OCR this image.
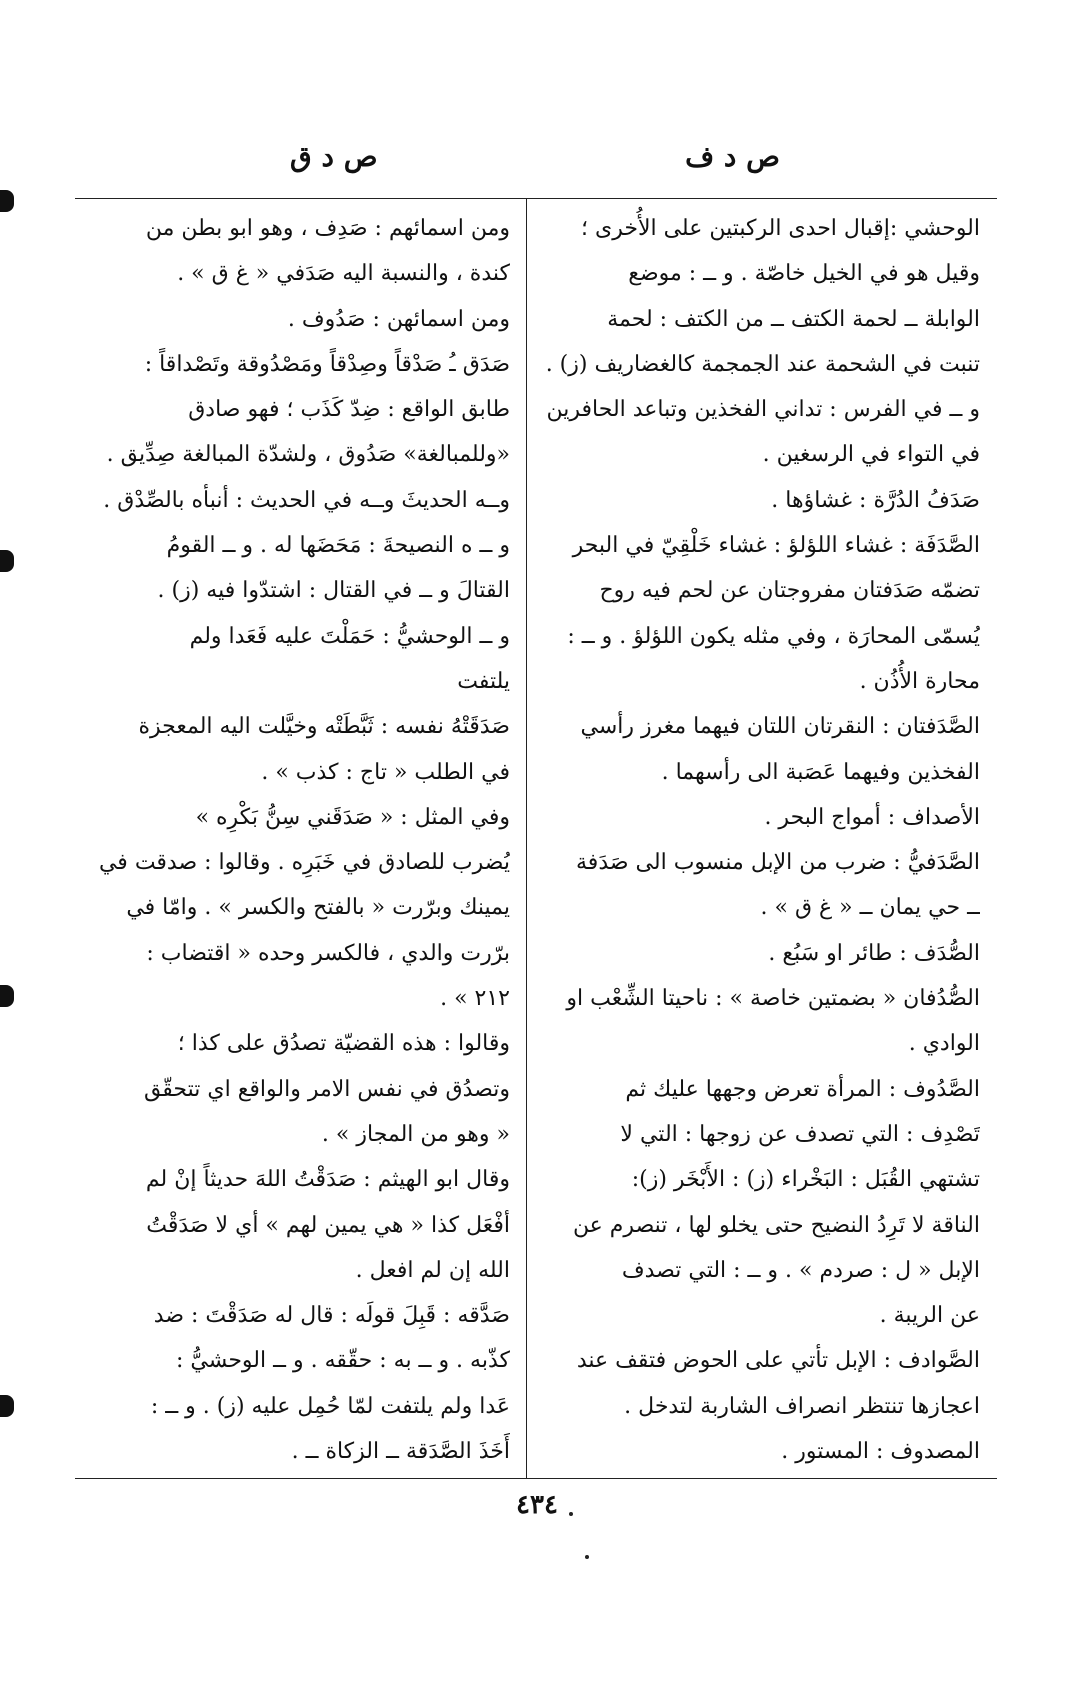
ص د ف
ص د ق
الوحشي :إقبال احدى الركبتين على الأُخرى ؛
وقيل هو في الخيل خاصّة . و ــ : موضع
الوابلة ــ لحمة الكتف ــ من الكتف : لحمة
تنبت في الشحمة عند الجمجمة كالغضاريف (ز) .
و ــ في الفرس : تداني الفخذين وتباعد الحافرين
في التواء في الرسغين .
صَدَفُ الدُرَّة : غشاؤها .
الصَّدَفَة : غشاء اللؤلؤ : غشاء خَلْقِيّ في البحر
تضمّه صَدَفتان مفروجتان عن لحم فيه روح
يُسمّى المحارَة ، وفي مثله يكون اللؤلؤ . و ــ :
محارة الأُذُن .
الصَّدَفتان : النقرتان اللتان فيهما مغرز رأسي
الفخذين وفيهما عَصَبة الى رأسهما .
الأصداف : أمواج البحر .
الصَّدَفيُّ : ضرب من الإبل منسوب الى صَدَفة
ــ حي يمان ــ « غ ق » .
الصُّدَف : طائر او سَبُع .
الصُّدُفان « بضمتين خاصة » : ناحيتا الشِّعْب او
الوادي .
الصَّدُوف : المرأة تعرض وجهها عليك ثم
تَصْدِف : التي تصدف عن زوجها : التي لا
تشتهي القُبَل : البَخْراء (ز) : الأَبْخَر (ز):
الناقة لا تَرِدُ النضيح حتى يخلو لها ، تنصرم عن
الإبل « ل : صردم » . و ــ : التي تصدف
عن الريبة .
الصَّوادف : الإبل تأتي على الحوض فتقف عند
اعجازها تنتظر انصراف الشاربة لتدخل .
المصدوف : المستور .
ومن اسمائهم : صَدِف ، وهو ابو بطن من
كندة ، والنسبة اليه صَدَفي « غ ق » .
ومن اسمائهن : صَدُوف .
صَدَق ـُ صَدْقاً وصِدْقاً ومَصْدُوقة وتَصْداقاً :
طابق الواقع : ضِدّ كَذَب ؛ فهو صادق
«وللمبالغة» صَدُوق ، ولشدّة المبالغة صِدِّيق .
وــه الحديثَ وــه في الحديث : أنبأه بالصِّدْق .
و ــ ه النصيحةَ : مَحَضَها له . و ــ القومُ
القتالَ و ــ في القتال : اشتدّوا فيه (ز) .
و ــ الوحشيُّ : حَمَلْتَ عليه فَعَدا ولم
يلتفت
صَدَقَتْهُ نفسه : ثَبَّطَتْه وخيَّلت اليه المعجزة
في الطلب « تاج : كذب » .
وفي المثل : « صَدَقَني سِنُّ بَكْرِه »
يُضرب للصادق في خَبَرِه . وقالوا : صدقت في
يمينك وبرّرت « بالفتح والكسر » . وامّا في
برّرت والدي ، فالكسر وحده « اقتضاب :
٢١٢ » .
وقالوا : هذه القضيّة تصدُق على كذا ؛
وتصدُق في نفس الامر والواقع اي تتحقّق
« وهو من المجاز » .
وقال ابو الهيثم : صَدَقْتُ اللهَ حديثاً إنْ لم
أفْعَل كذا « هي يمين لهم » أي لا صَدَقْتُ
الله إن لم افعل .
صَدَّقه : قَبِلَ قولَه : قال له صَدَقْتَ : ضد
كذّبه . و ــ به : حقّقه . و ــ الوحشيُّ :
عَدا ولم يلتفت لمّا حُمِل عليه (ز) . و ــ :
أَخَذَ الصَّدَقة ــ الزكاة ــ .
٤٣٤
